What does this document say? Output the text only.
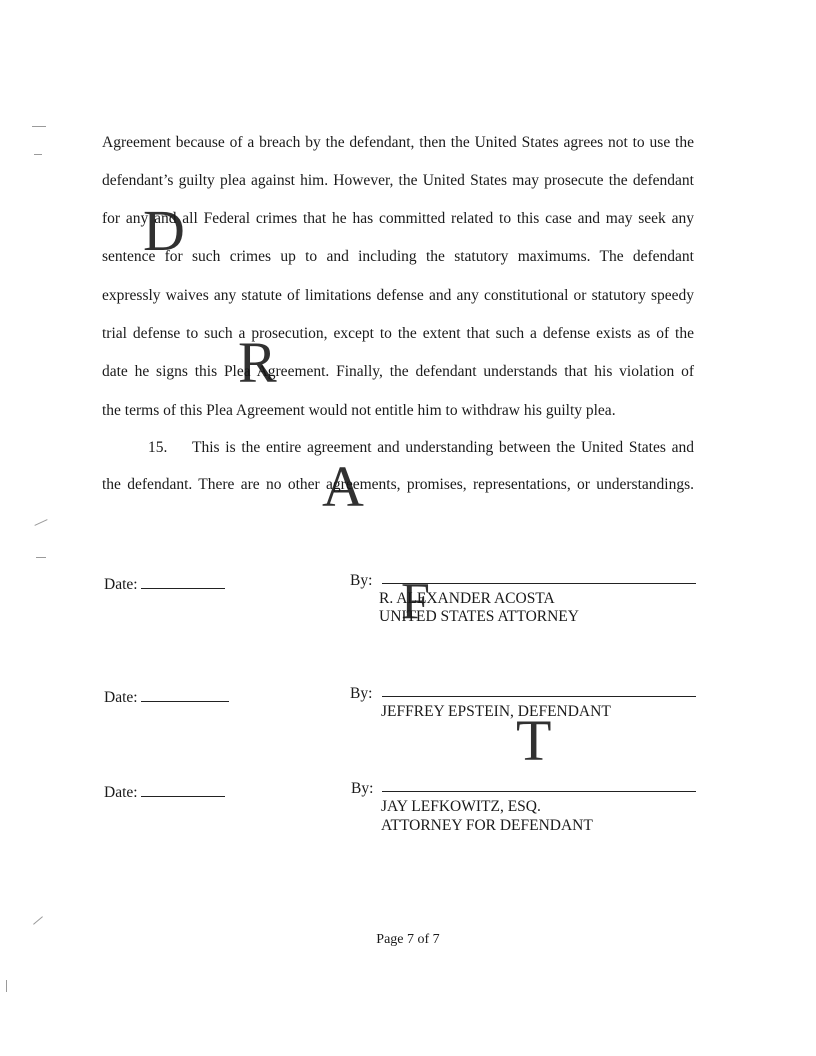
Agreement because of a breach by the defendant, then the United States agrees not to use the
defendant’s guilty plea against him. However, the United States may prosecute the defendant
for any and all Federal crimes that he has committed related to this case and may seek any
sentence for such crimes up to and including the statutory maximums. The defendant
expressly waives any statute of limitations defense and any constitutional or statutory speedy
trial defense to such a prosecution, except to the extent that such a defense exists as of the
date he signs this Plea Agreement. Finally, the defendant understands that his violation of
the terms of this Plea Agreement would not entitle him to withdraw his guilty plea.
15. This is the entire agreement and understanding between the United States and
the defendant. There are no other agreements, promises, representations, or understandings.
Date:	By:
R. ALEXANDER ACOSTA
UNITED STATES ATTORNEY
Date:	By:
JEFFREY EPSTEIN, DEFENDANT
Date:	By:
JAY LEFKOWITZ, ESQ.
ATTORNEY FOR DEFENDANT
D
R
A
F
T
Page 7 of 7
